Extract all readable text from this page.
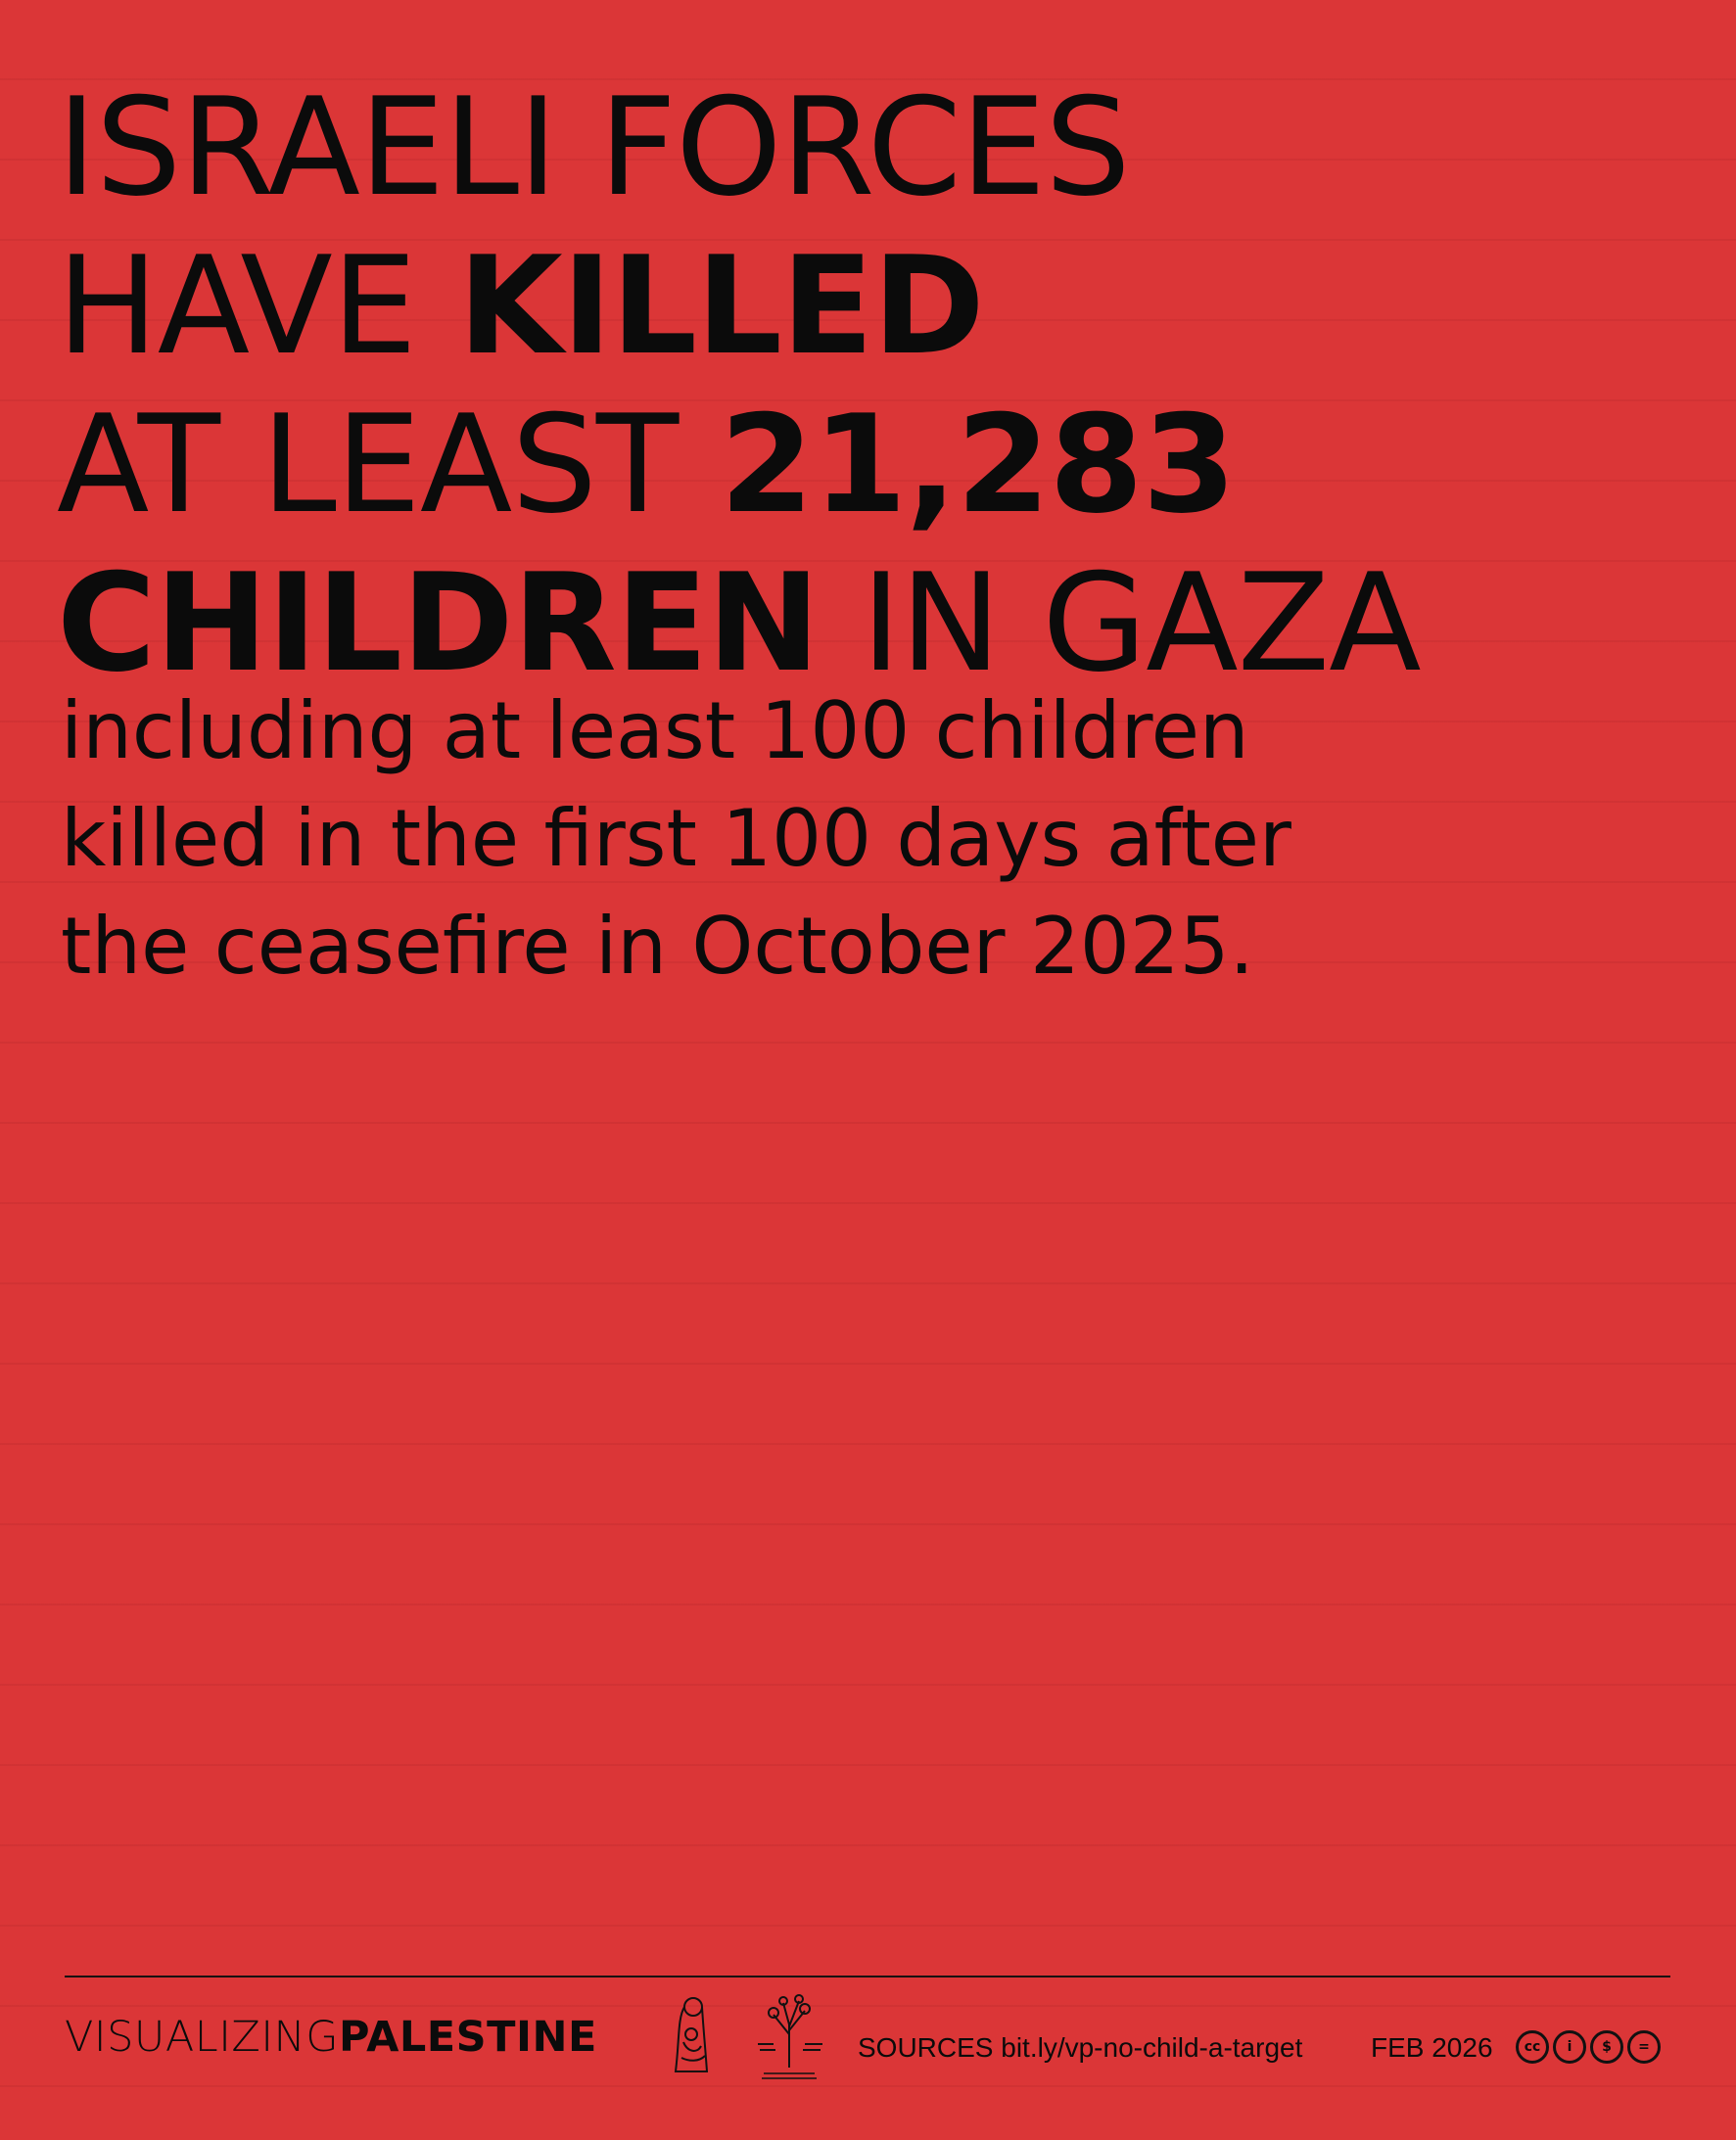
ISRAELI FORCES
HAVE KILLED
AT LEAST 21,283
CHILDREN IN GAZA

including at least 100 children
killed in the first 100 days after
the ceasefire in October 2025.

VISUALIZINGPALESTINE	SOURCES bit.ly/vp-no-child-a-target FEB 2026	cc	i	$	=
